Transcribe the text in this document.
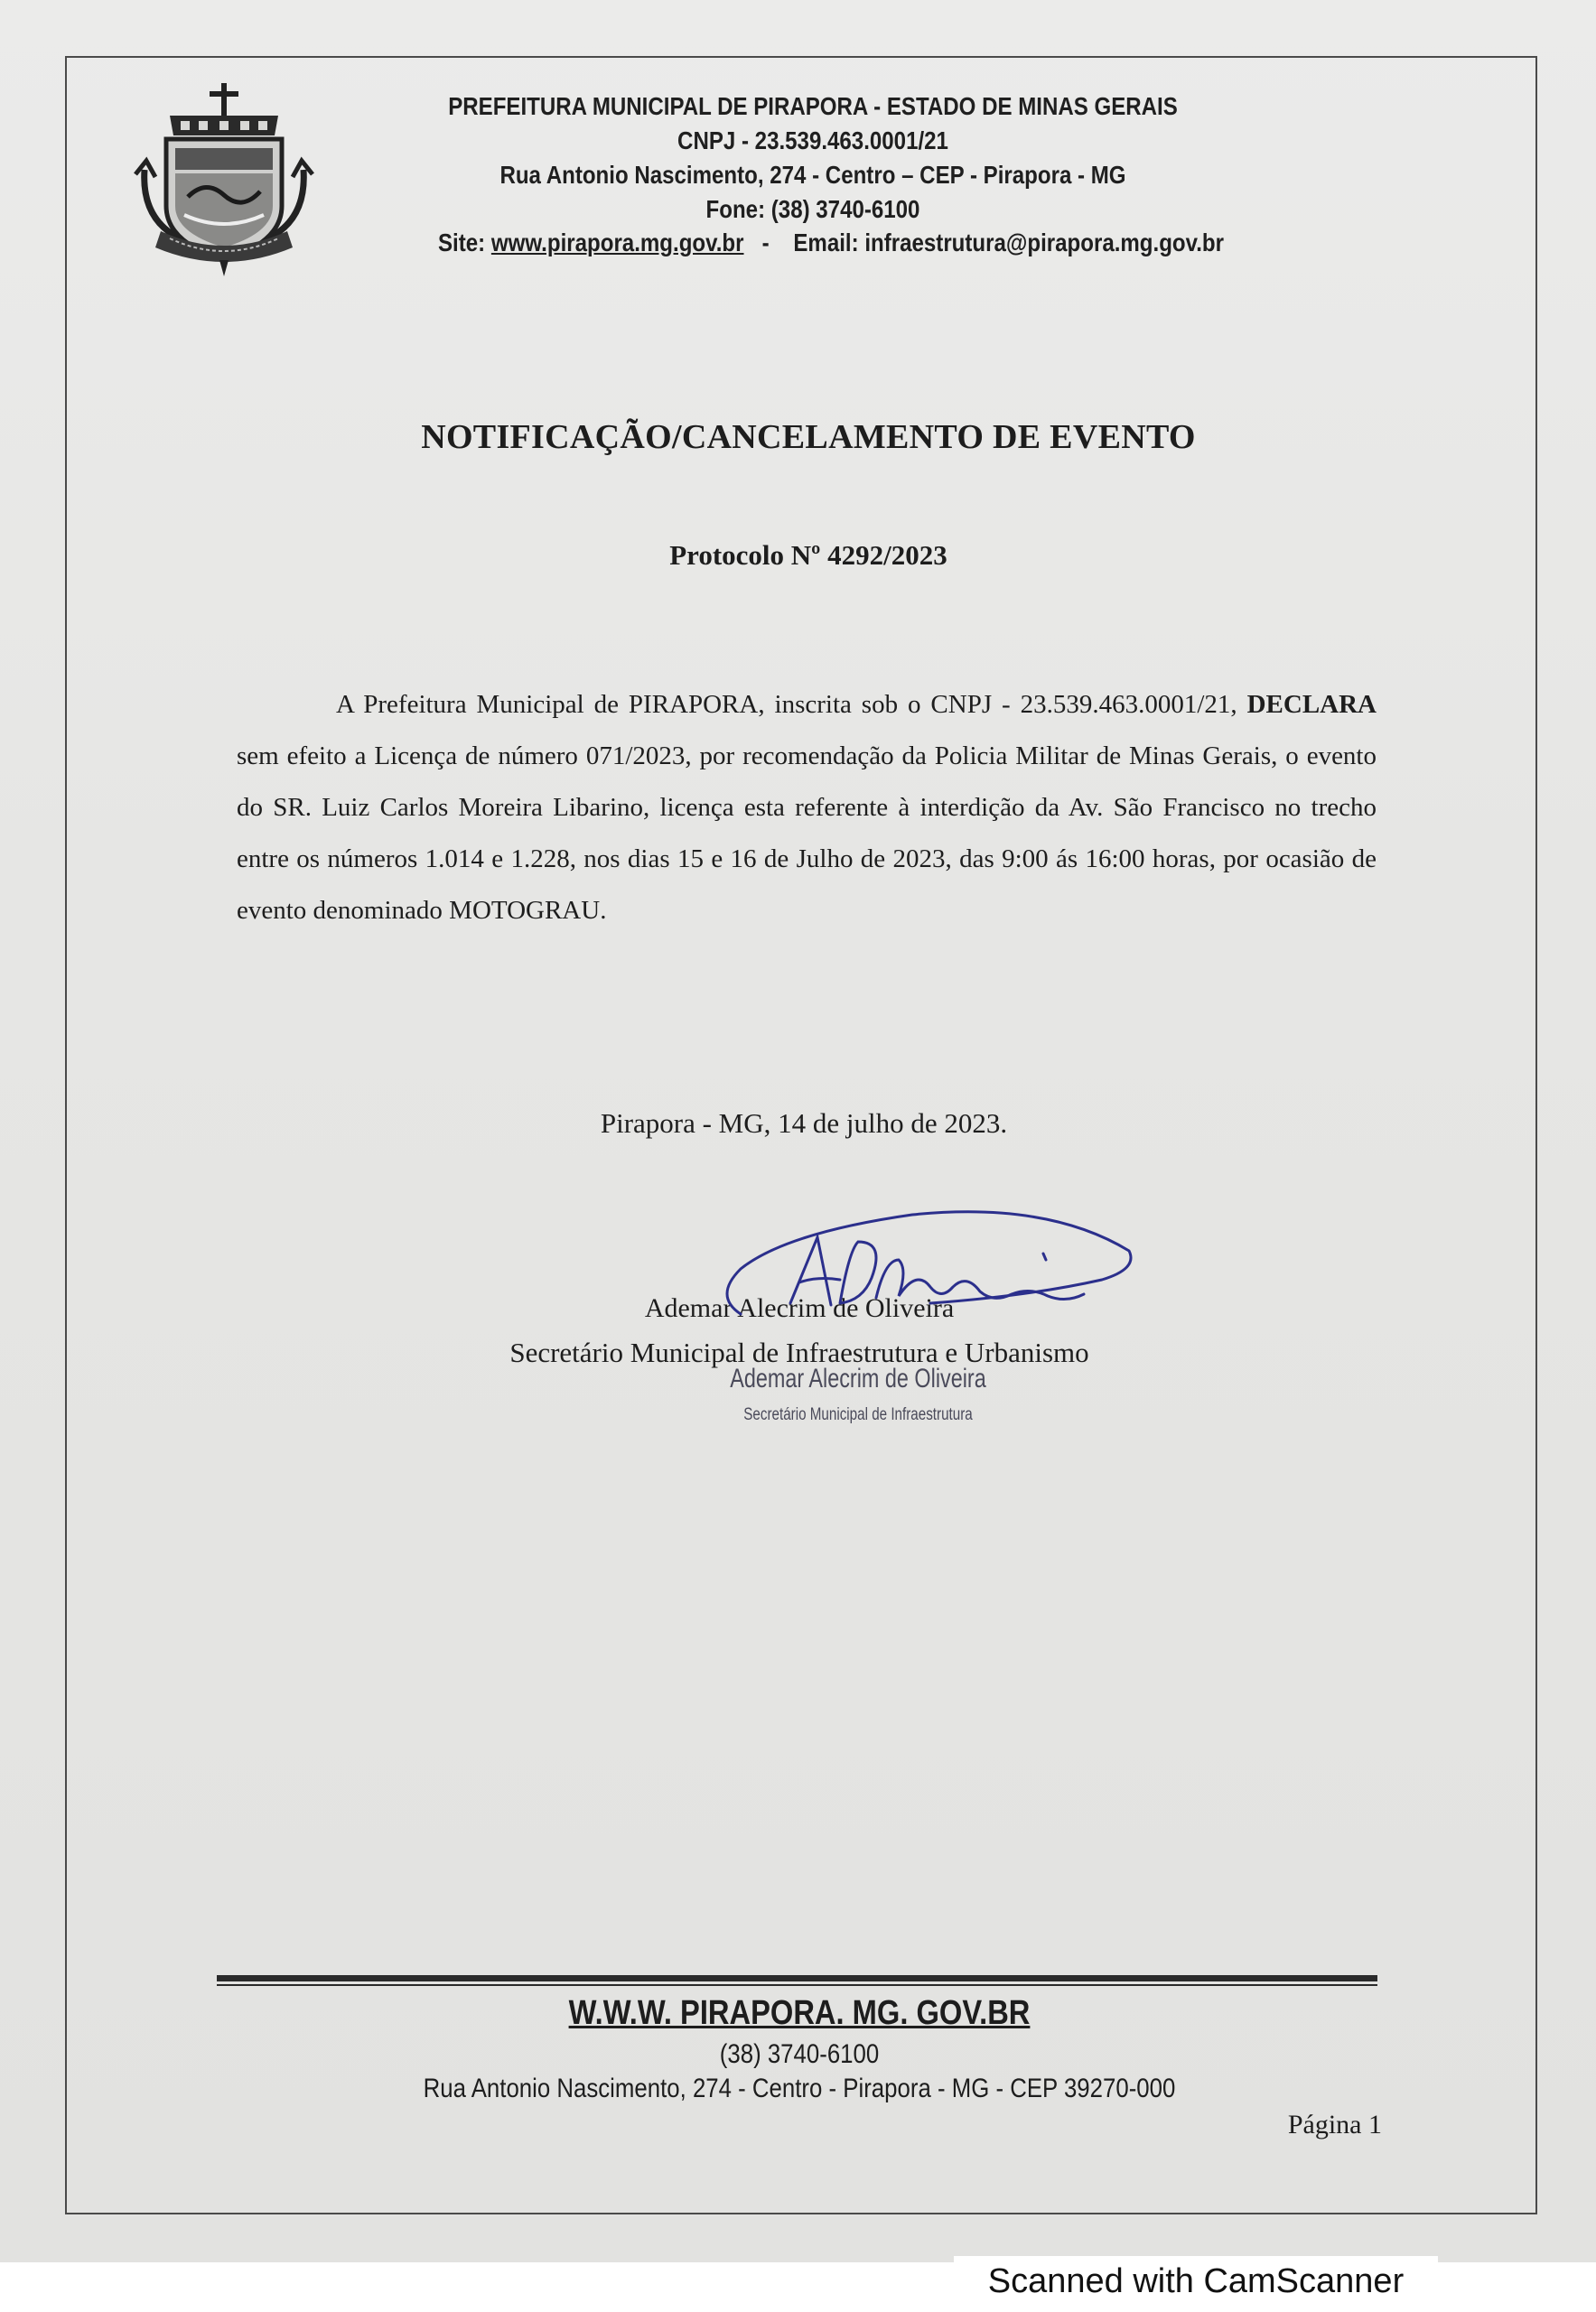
PREFEITURA MUNICIPAL DE PIRAPORA - ESTADO DE MINAS GERAIS
CNPJ - 23.539.463.0001/21
Rua Antonio Nascimento, 274 - Centro – CEP - Pirapora - MG
Fone: (38) 3740-6100
Site: www.pirapora.mg.gov.br - Email: infraestrutura@pirapora.mg.gov.br
NOTIFICAÇÃO/CANCELAMENTO DE EVENTO
Protocolo Nº 4292/2023
A Prefeitura Municipal de PIRAPORA, inscrita sob o CNPJ - 23.539.463.0001/21, DECLARA sem efeito a Licença de número 071/2023, por recomendação da Policia Militar de Minas Gerais, o evento do SR. Luiz Carlos Moreira Libarino, licença esta referente à interdição da Av. São Francisco no trecho entre os números 1.014 e 1.228, nos dias 15 e 16 de Julho de 2023, das 9:00 ás 16:00 horas, por ocasião de evento denominado MOTOGRAU.
Pirapora - MG, 14 de julho de 2023.
Ademar Alecrim de Oliveira
Secretário Municipal de Infraestrutura e Urbanismo
Ademar Alecrim de Oliveira
Secretário Municipal de Infraestrutura
W.W.W. PIRAPORA. MG. GOV.BR
(38) 3740-6100
Rua Antonio Nascimento, 274 - Centro - Pirapora - MG - CEP 39270-000
Página 1
Scanned with CamScanner
